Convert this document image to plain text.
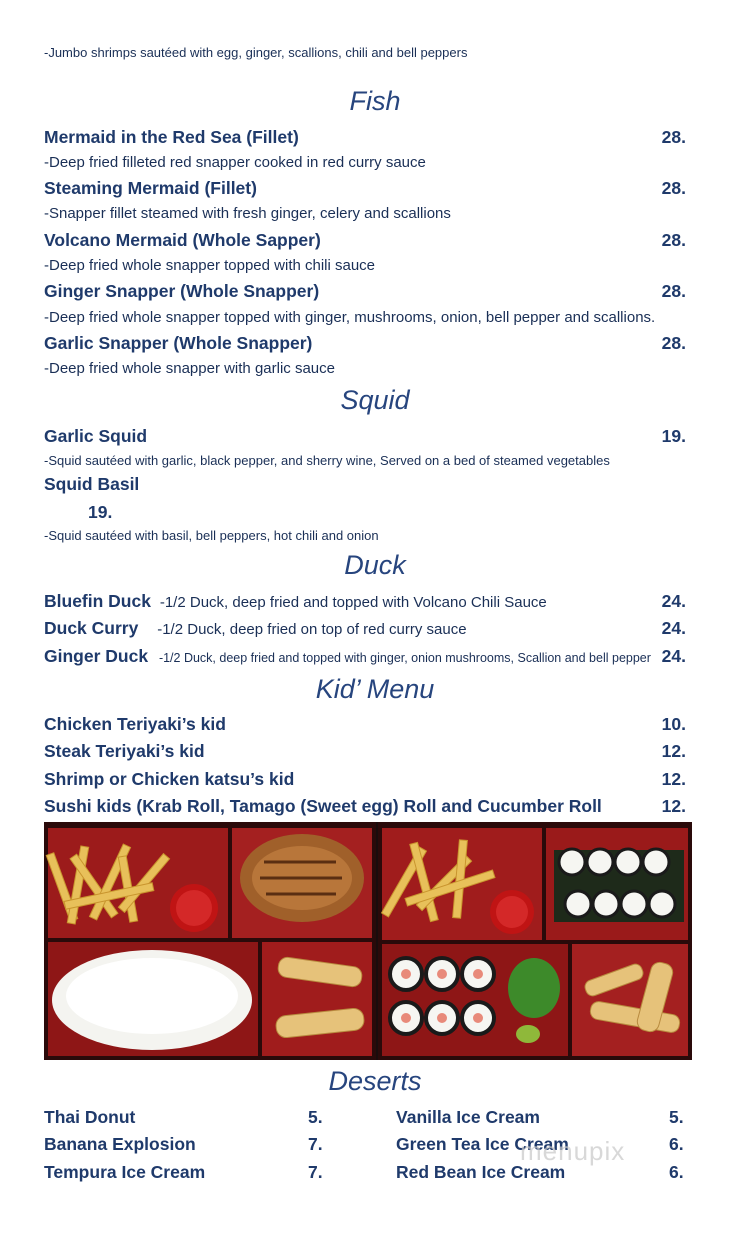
-Jumbo shrimps sautéed with egg, ginger, scallions, chili and bell peppers
Fish
Mermaid in the Red Sea (Fillet)	28.
-Deep fried filleted red snapper cooked in red curry sauce
Steaming Mermaid (Fillet)	28.
-Snapper fillet steamed with fresh ginger, celery and scallions
Volcano Mermaid (Whole Sapper)	28.
-Deep fried whole snapper topped with chili sauce
Ginger Snapper (Whole Snapper)	28.
-Deep fried whole snapper topped with ginger, mushrooms, onion, bell pepper and scallions.
Garlic Snapper (Whole Snapper)	28.
-Deep fried whole snapper with garlic sauce
Squid
Garlic Squid	19.
-Squid sautéed with garlic, black pepper, and sherry wine, Served on a bed of steamed vegetables
Squid Basil
19.
-Squid sautéed with basil, bell peppers, hot chili and onion
Duck
Bluefin Duck -1/2 Duck, deep fried and topped with Volcano Chili Sauce	24.
Duck Curry -1/2 Duck, deep fried on top of red curry sauce	24.
Ginger Duck -1/2 Duck, deep fried and topped with ginger, onion mushrooms, Scallion and bell pepper 24.
Kid’ Menu
Chicken Teriyaki’s kid	10.
Steak Teriyaki’s kid	12.
Shrimp or Chicken katsu’s kid	12.
Sushi kids (Krab Roll, Tamago (Sweet egg) Roll and Cucumber Roll	12.
Deserts
Thai Donut	5.
Banana Explosion	7.
Tempura Ice Cream	7.
Vanilla Ice Cream	5.
Green Tea Ice Cream	6.
Red Bean Ice Cream	6.
menupix
